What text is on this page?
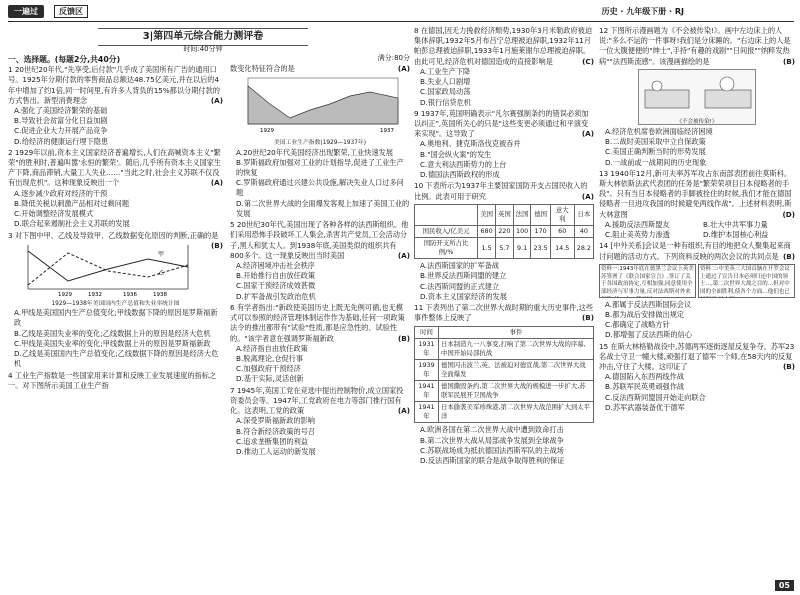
一遍过	反馈区	历史 · 九年级下册 · RJ
3|第四单元综合能力测评卷
时间:40分钟
一、选择题。(每题2分,共40分)
1 20世纪20年代,"先享受,后付款"几乎成了美国所有广告的通用口号。1925年分期付款的零售商品总额达48.75亿美元,并在以后的4年中增加了约1倍,同一时间里,有许多人背负的15%都以分期付款的方式售出。新型消费理念	(A)
A.强化了美国经济繁荣的基础
B.导致社会贫富分化日益加剧
C.促进企业大力开展产品竞争
D.给经济的健康运行埋下隐患
2 1929年以前,资本主义国家经济普遍增长,人们在高喊资本主义"繁荣"的胜利时,普遍叫嚣'永恒的繁荣'。随后,几乎所有资本主义国家生产下降,商品滞销,大量工人失业……"当此之时,社会主义苏联不仅没有出现危机"。这种现象反映出一个	(A)
A.逐步减少政府对经济的干预
B.降低关税以刺激产品相对过剩问题
C.开始调整经济发展模式
D.联合起来遏制社会主义苏联的发展
3 对下图中甲、乙线及导致甲、乙线数据变化原因的判断,正确的是
(B)
甲
乙
1929	1932	1936	1938
1929—1938年美国国内生产总值和失业率统计图
A.甲线是美国国内生产总值变化;甲线数据下降的原因是罗斯福新政
B.乙线是美国失业率的变化;乙线数据上升的原因是经济大危机
C.甲线是美国失业率的变化;甲线数据上升的原因是罗斯福新政
D.乙线是美国国内生产总值变化;乙线数据下降的原因是经济大危机
4 工业生产指数是一些国家用来计算和反映工业发展速度的指标之一。对下图所示美国工业生产指
满分:80分
数变化特征符合的是	(A)
1929	1937
美国工业生产指数(1929—1937年)
A.20世纪20年代美国经济出现繁荣,工业快速发展
B.罗斯福政府加强对工业的计划指导,促进了工业生产的恢复
C.罗斯福政府通过兴建公共设施,解决失业人口过多问题
D.第二次世界大战的全面爆发客观上加速了美国工业的发展
5 20世纪30年代,美国出现了各种各样的法西斯组织。他们采用恐怖手段破坏工人集会,杀害共产党员,工会活动分子,黑人和犹太人。到1938年底,美国类似的组织共有800多个。这一现象反映出当时美国	(A)
A.经济困境冲击社会秩序
B.开始推行自由放任政策
C.国家干预经济成效甚微
D.扩军备战引发政治危机
6 有学者指出:"新政使美国历史上既无先例可循,也无模式可以参照的经济管理体制运作作为基础,任何一项政策法令的推出都带有"试验"性质,都是应急性的、试验性的。"该学者意在强调罗斯福新政	(B)
A.经济指自由放任政策
B.脱离理论,仓促行事
C.加强政府干预经济
D.基于实际,灵活创新
7 1945年,英国工党在竞选中提出控制物价,成立国家投资委员会等。1947年,工党政府在电力等部门推行国有化。这表明,工党的政策	(A)
A.深受罗斯福新政的影响
B.符合新经济政策的号召
C.追求垄断集团的利益
D.推动工人运动的新发展
8 在德国,因无力挽救经济颓势,1930年3月米勒政府被迫集体辞职,1932年5月布吕宁总理被迫辞职,1932年11月帕彭总理被迫辞职,1933年1月施莱谢尔总理被迫辞职。由此可见,经济危机对德国造成的直接影响是	(C)
A.工业生产下降
B.失业人口剧增
C.国家政局动荡
D.银行信贷危机
9 1937年,英国明确表示"凡尔赛强制条约的错误必须加以纠正",英国所关心的只是"这些变更必须通过和平演变来实现"。这导致了	(A)
A.奥地利、捷克斯洛伐克被吞并
B."国会纵火案"的发生
C.意大利法西斯势力的上台
D.德国法西斯政权的形成
10 下表所示为1937年主要国家国防开支占国民收入的比例。此表可用于研究	(A)
	美国	英国	法国	德国	意大利	日本
国民收入/亿美元	680	220	100	170	60	40
国防开支所占比例/%	1.5	5.7	9.1	23.5	14.5	28.2
A.法西斯国家的扩军备战
B.世界反法西斯同盟的建立
C.法西斯同盟的正式建立
D.资本主义国家经济的发展
11 下表列出了第二次世界大战时期的重大历史事件,这些事件整体上反映了	(B)
时间	事件
1931年	日本制造九一八事变,打响了第二次世界大战的序幕,中国开始局部抗战
1939年	德国闪击波兰,英、法被迫对德宣战,第二次世界大战全面爆发
1941年	德国撕毁条约,第二次世界大战的规模进一步扩大,苏联军民展开卫国战争
1941年	日本偷袭美军珍珠港,第二次世界大战范围扩大到太平洋
A.欧洲各国在第二次世界大战中遭到致命打击
B.第二次世界大战从局部战争发展到全球战争
C.苏联战场成为抵抗德国法西斯军队的主战场
D.反法西斯国家的联合是战争取得胜利的保证
12 下图所示漫画题为《不会被传染!》。画中左边床上的人说:"多么不运的一件事呀!我们是分床睡的。"右边床上的人是一位大腹便便的"绅士",手持"有趣的戏剧""日间报""纳粹发热病""法西斯流感"。该漫画描绘的是	(B)
《不会被传染!》
A.经济危机席卷欧洲面临经济困境
B.二战时美国采取中立自保政策
C.美国正确判断当时的形势发展
D.一战前或一战期间的历史现象
13 1940年12月,新可夫率苏军攻占东南部表团前往莫斯科。斯大林依斯法武代表团的任务是"繁荣荣项目日本侵略者的手段"。只有当日本侵略者的手脚被拴住的时候,我们才能在德国侵略者一旦进攻我国的时候避免两线作战"。上述材料表明,斯大林意图	(D)
A.援助反法西斯盟友	B.壮大中共军事力量
C.阻止美英势力渗透	D.维护本国核心利益
14 [中外关系]会议是一种有组织,有目的地把众人聚集起来商讨问题的活动方式。下列资料反映的两次会议的共同点是 (B)
资料一:1943年底在德黑兰会议上英美苏签署了《联合国家宣言》,签订了关于各国政治协定,互相加强,同意使用全部经济与军事力量,反对法西斯对外来
资料二:中美英三大国首脑在开罗会议上通过了宣告日本必须归还中国的领土…,第二次世界大战之目的…但对中国的全面胜利,使各个方面…他们也已
A.都属于反法西斯国际会议
B.都为战后安排做出规定
C.都确定了战略方针
D.都增强了反法西斯的信心
15 在斯大林格勒战役中,苏德两军逐街逐屋反复争夺。苏军23名战士守卫一幢大楼,顽强打退了德军一个师,在58天内的反复冲击,守住了大楼。这印证了	(B)
A.德国陷入东西两线作战
B.苏联军民英勇顽强作战
C.反法西斯同盟国开始走向联合
D.苏军武器装备优于德军
05
